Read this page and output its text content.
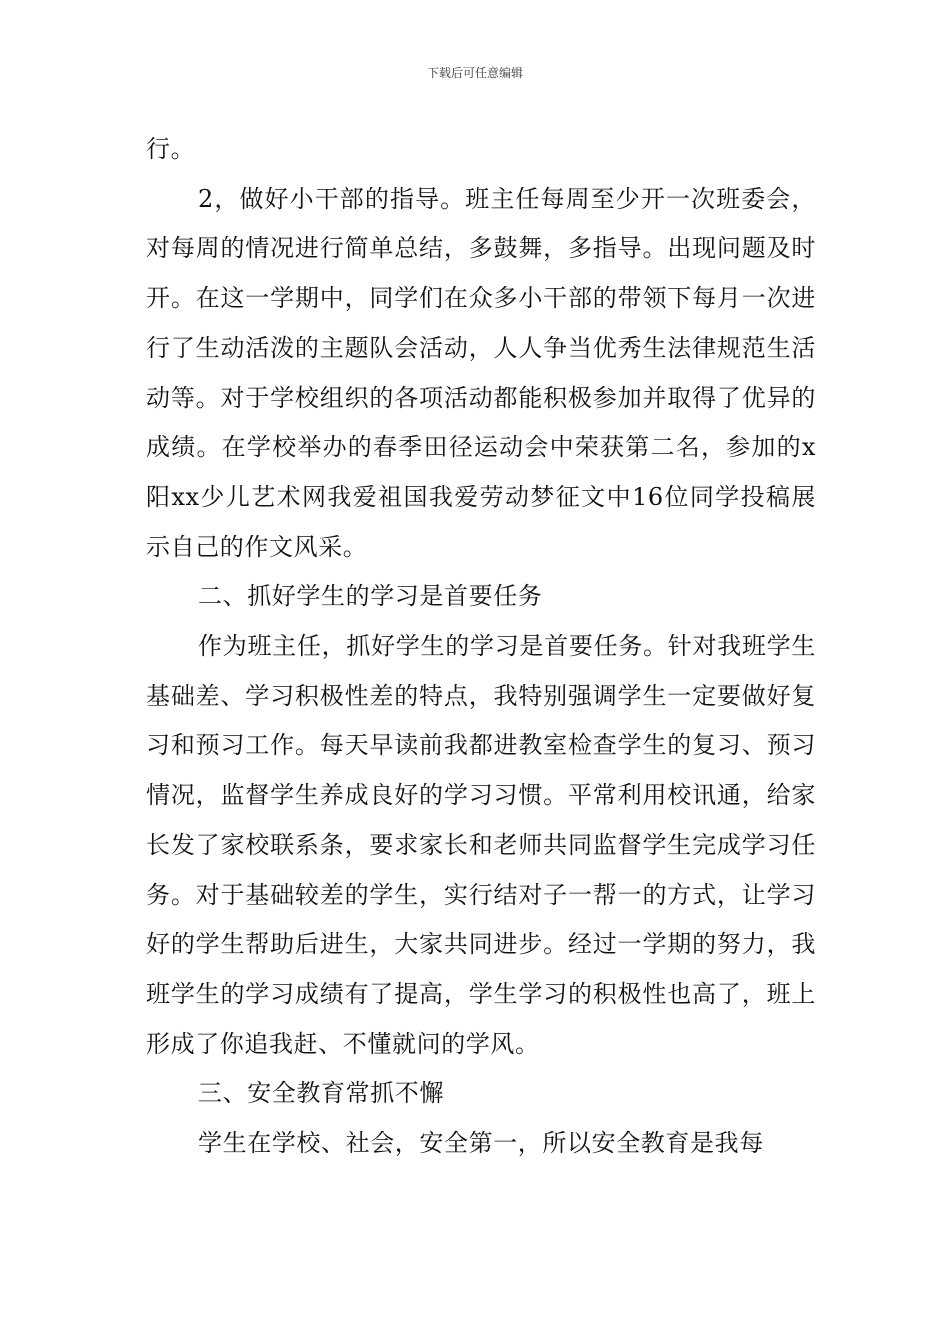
下载后可任意编辑

行。

2，做好小干部的指导。班主任每周至少开一次班委会，对每周的情况进行简单总结，多鼓舞，多指导。出现问题及时开。在这一学期中，同学们在众多小干部的带领下每月一次进行了生动活泼的主题队会活动，人人争当优秀生法律规范生活动等。对于学校组织的各项活动都能积极参加并取得了优异的成绩。在学校举办的春季田径运动会中荣获第二名，参加的x阳xx少儿艺术网我爱祖国我爱劳动梦征文中16位同学投稿展示自己的作文风采。

二、抓好学生的学习是首要任务

作为班主任，抓好学生的学习是首要任务。针对我班学生基础差、学习积极性差的特点，我特别强调学生一定要做好复习和预习工作。每天早读前我都进教室检查学生的复习、预习情况，监督学生养成良好的学习习惯。平常利用校讯通，给家长发了家校联系条，要求家长和老师共同监督学生完成学习任务。对于基础较差的学生，实行结对子一帮一的方式，让学习好的学生帮助后进生，大家共同进步。经过一学期的努力，我班学生的学习成绩有了提高，学生学习的积极性也高了，班上形成了你追我赶、不懂就问的学风。

三、安全教育常抓不懈

学生在学校、社会，安全第一，所以安全教育是我每
